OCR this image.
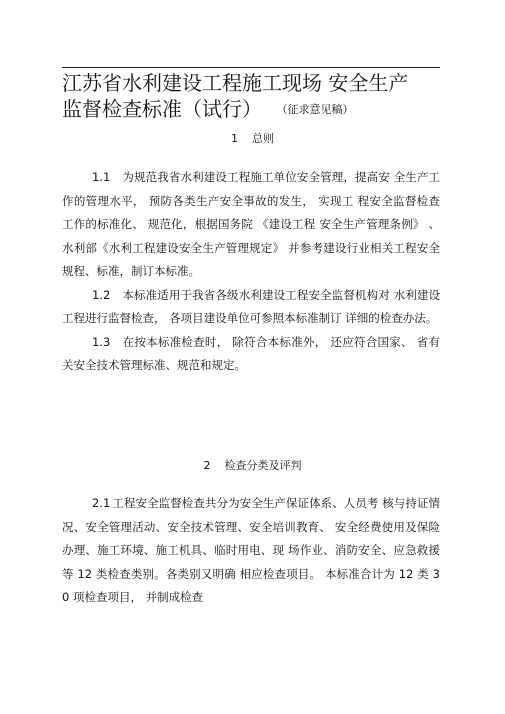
江苏省水利建设工程施工现场 安全生产
监督检查标准（试行） （征求意见稿）
1 总则

1.1 为规范我省水利建设工程施工单位安全管理，提高安 全生产工作的管理水平， 预防各类生产安全事故的发生， 实现工 程安全监督检查工作的标准化、 规范化，根据国务院 《建设工程 安全生产管理条例》 、水利部《水利工程建设安全生产管理规定》 并参考建设行业相关工程安全规程、标准，制订本标准。

1.2 本标准适用于我省各级水利建设工程安全监督机构对 水利建设工程进行监督检查， 各项目建设单位可参照本标准制订 详细的检查办法。

1.3 在按本标准检查时， 除符合本标准外， 还应符合国家、 省有关安全技术管理标准、规范和规定。

2 检查分类及评判

2.1 工程安全监督检查共分为安全生产保证体系、人员考 核与持证情况、安全管理活动、安全技术管理、安全培训教育、 安全经费使用及保险办理、施工环境、施工机具、临时用电、现 场作业、消防安全、应急救援等 12 类检查类别。各类别又明确 相应检查项目。 本标准合计为 12 类 30 项检查项目， 并制成检查
